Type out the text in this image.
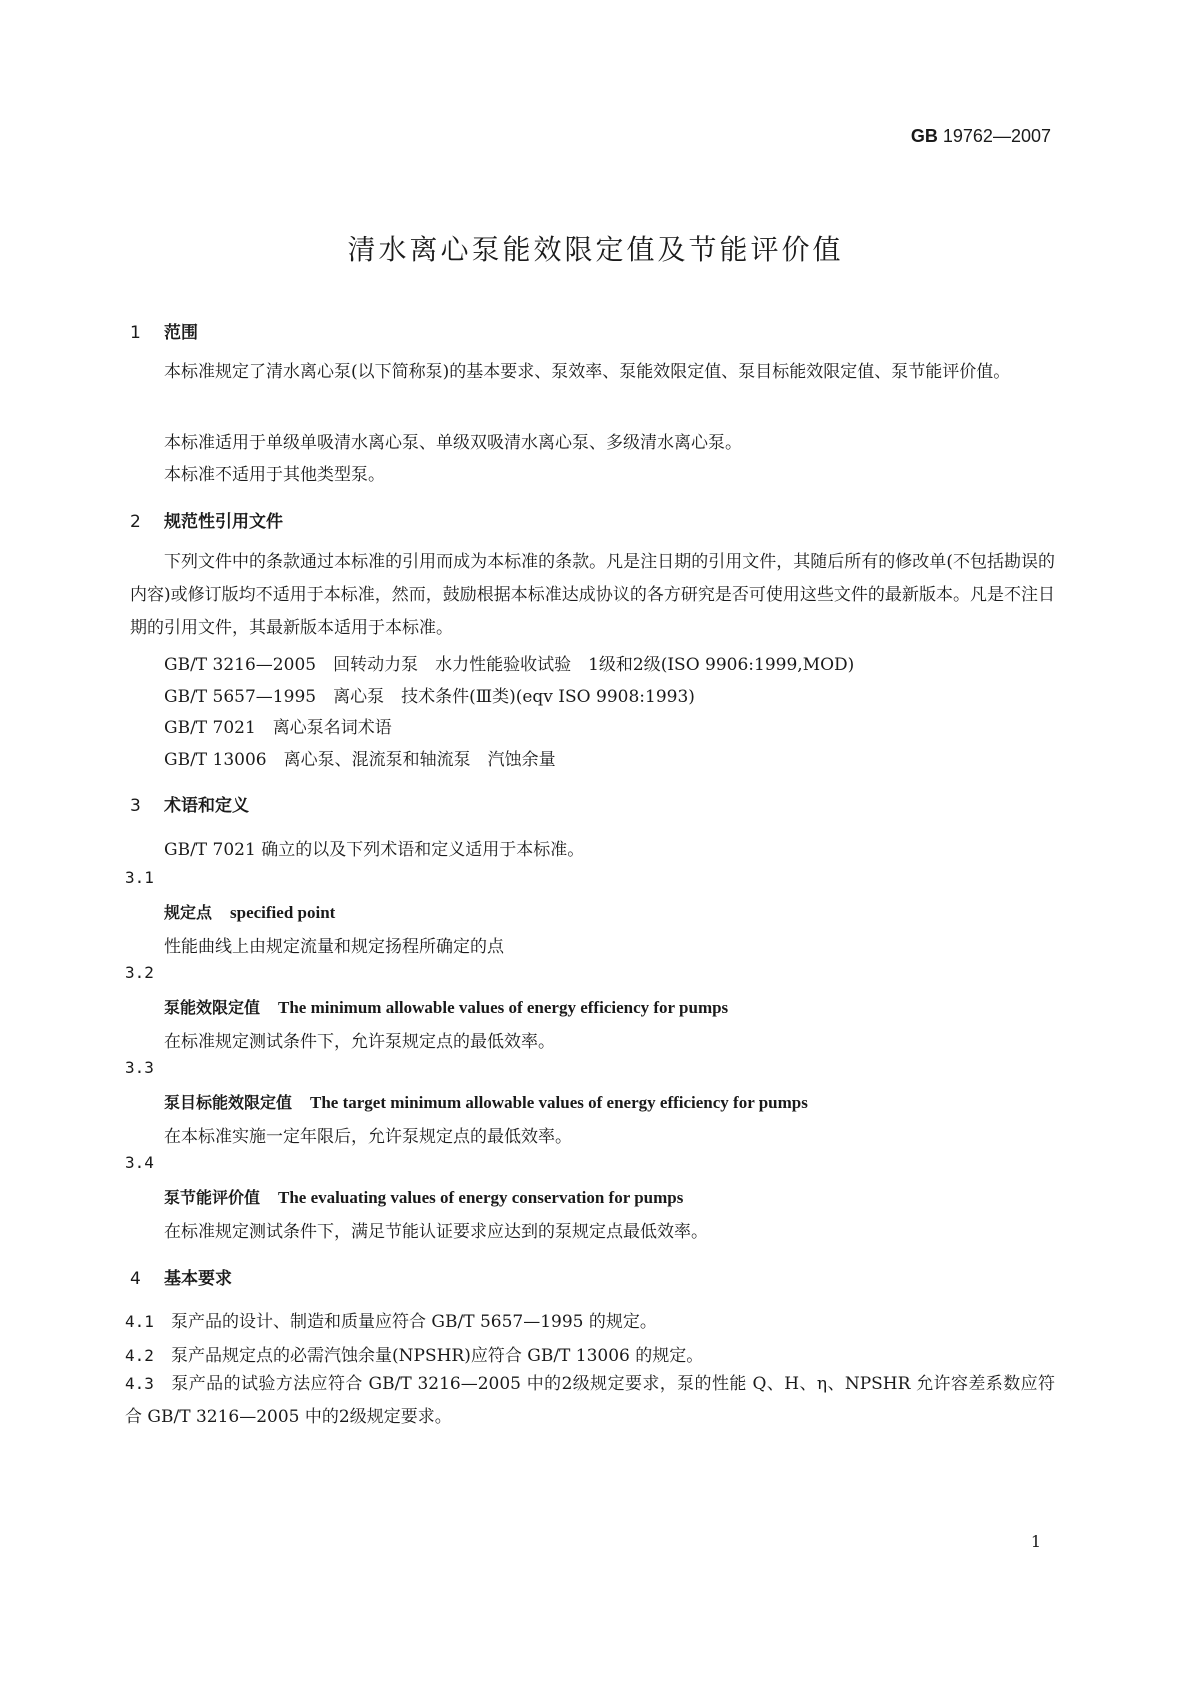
GB 19762—2007
清水离心泵能效限定值及节能评价值
1 范围
本标准规定了清水离心泵(以下简称泵)的基本要求、泵效率、泵能效限定值、泵目标能效限定值、泵节能评价值。
本标准适用于单级单吸清水离心泵、单级双吸清水离心泵、多级清水离心泵。
本标准不适用于其他类型泵。
2 规范性引用文件
下列文件中的条款通过本标准的引用而成为本标准的条款。凡是注日期的引用文件，其随后所有的修改单(不包括勘误的内容)或修订版均不适用于本标准，然而，鼓励根据本标准达成协议的各方研究是否可使用这些文件的最新版本。凡是不注日期的引用文件，其最新版本适用于本标准。
GB/T 3216—2005　回转动力泵　水力性能验收试验　1级和2级(ISO 9906:1999,MOD)
GB/T 5657—1995　离心泵　技术条件(Ⅲ类)(eqv ISO 9908:1993)
GB/T 7021　离心泵名词术语
GB/T 13006　离心泵、混流泵和轴流泵　汽蚀余量
3 术语和定义
GB/T 7021 确立的以及下列术语和定义适用于本标准。
3.1
规定点 specified point
性能曲线上由规定流量和规定扬程所确定的点
3.2
泵能效限定值 The minimum allowable values of energy efficiency for pumps
在标准规定测试条件下，允许泵规定点的最低效率。
3.3
泵目标能效限定值 The target minimum allowable values of energy efficiency for pumps
在本标准实施一定年限后，允许泵规定点的最低效率。
3.4
泵节能评价值 The evaluating values of energy conservation for pumps
在标准规定测试条件下，满足节能认证要求应达到的泵规定点最低效率。
4 基本要求
4.1 泵产品的设计、制造和质量应符合 GB/T 5657—1995 的规定。
4.2 泵产品规定点的必需汽蚀余量(NPSHR)应符合 GB/T 13006 的规定。
4.3 泵产品的试验方法应符合 GB/T 3216—2005 中的2级规定要求，泵的性能 Q、H、η、NPSHR 允许容差系数应符合 GB/T 3216—2005 中的2级规定要求。
1
